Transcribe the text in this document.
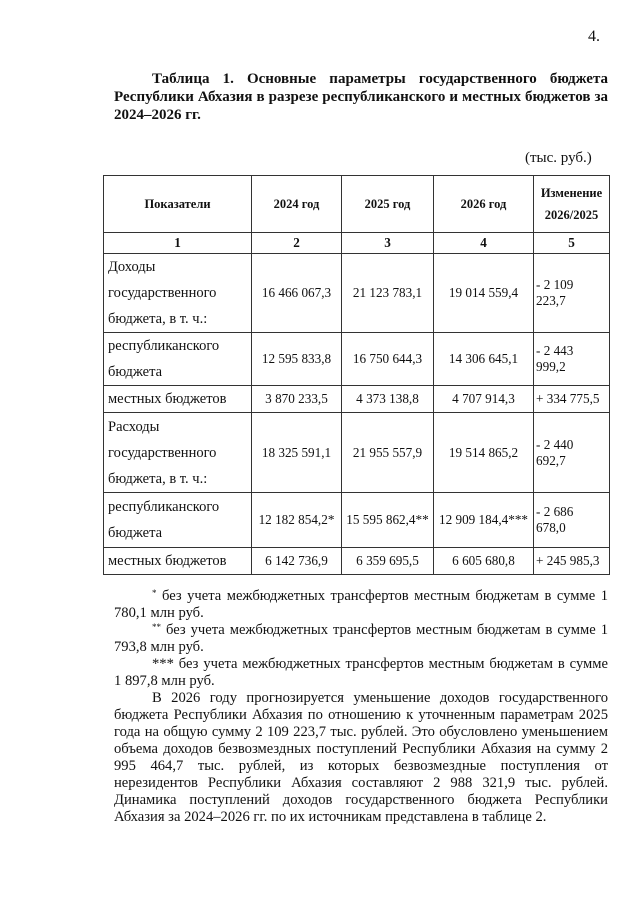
4.
Таблица 1. Основные параметры государственного бюджета Республики Абхазия в разрезе республиканского и местных бюджетов за 2024–2026 гг.
(тыс. руб.)
Показатели	2024 год	2025 год	2026 год	Изменение 2026/2025
1	2	3	4	5
Доходы государственного бюджета, в т. ч.:	16 466 067,3	21 123 783,1	19 014 559,4	- 2 109 223,7
республиканского бюджета	12 595 833,8	16 750 644,3	14 306 645,1	- 2 443 999,2
местных бюджетов	3 870 233,5	4 373 138,8	4 707 914,3	+ 334 775,5
Расходы государственного бюджета, в т. ч.:	18 325 591,1	21 955 557,9	19 514 865,2	- 2 440 692,7
республиканского бюджета	12 182 854,2*	15 595 862,4**	12 909 184,4***	- 2 686 678,0
местных бюджетов	6 142 736,9	6 359 695,5	6 605 680,8	+ 245 985,3

* без учета межбюджетных трансфертов местным бюджетам в сумме 1 780,1 млн руб.

** без учета межбюджетных трансфертов местным бюджетам в сумме 1 793,8 млн руб.

*** без учета межбюджетных трансфертов местным бюджетам в сумме 1 897,8 млн руб.

В 2026 году прогнозируется уменьшение доходов государственного бюджета Республики Абхазия по отношению к уточненным параметрам 2025 года на общую сумму 2 109 223,7 тыс. рублей. Это обусловлено уменьшением объема доходов безвозмездных поступлений Республики Абхазия на сумму 2 995 464,7 тыс. рублей, из которых безвозмездные поступления от нерезидентов Республики Абхазия составляют 2 988 321,9 тыс. рублей. Динамика поступлений доходов государственного бюджета Республики Абхазия за 2024–2026 гг. по их источникам представлена в таблице 2.
